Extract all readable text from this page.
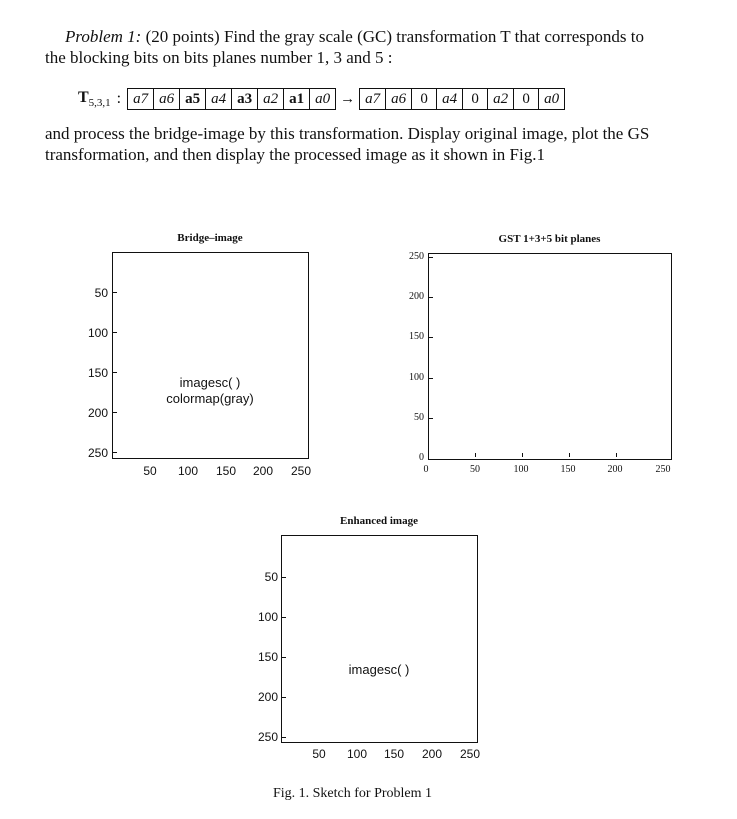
Problem 1: (20 points) Find the gray scale (GC) transformation T that corresponds to
the blocking bits on bits planes number 1, 3 and 5 :
$T_{5,3,1}$ : a7 a6 a5 a4 a3 a2 a1 a0 → a7 a6 0 a4 0 a2 0 a0
and process the bridge-image by this transformation. Display original image, plot the GS
transformation, and then display the processed image as it shown in Fig.1
Bridge–image
imagesc( )
colormap(gray)
50
100
150
200
250
50	100	150	200	250
GST 1+3+5 bit planes
250
200
150
100
50
0
0	50	100	150	200	250
Enhanced image
imagesc( )
50
100
150
200
250
50	100	150	200	250
Fig. 1. Sketch for Problem 1
